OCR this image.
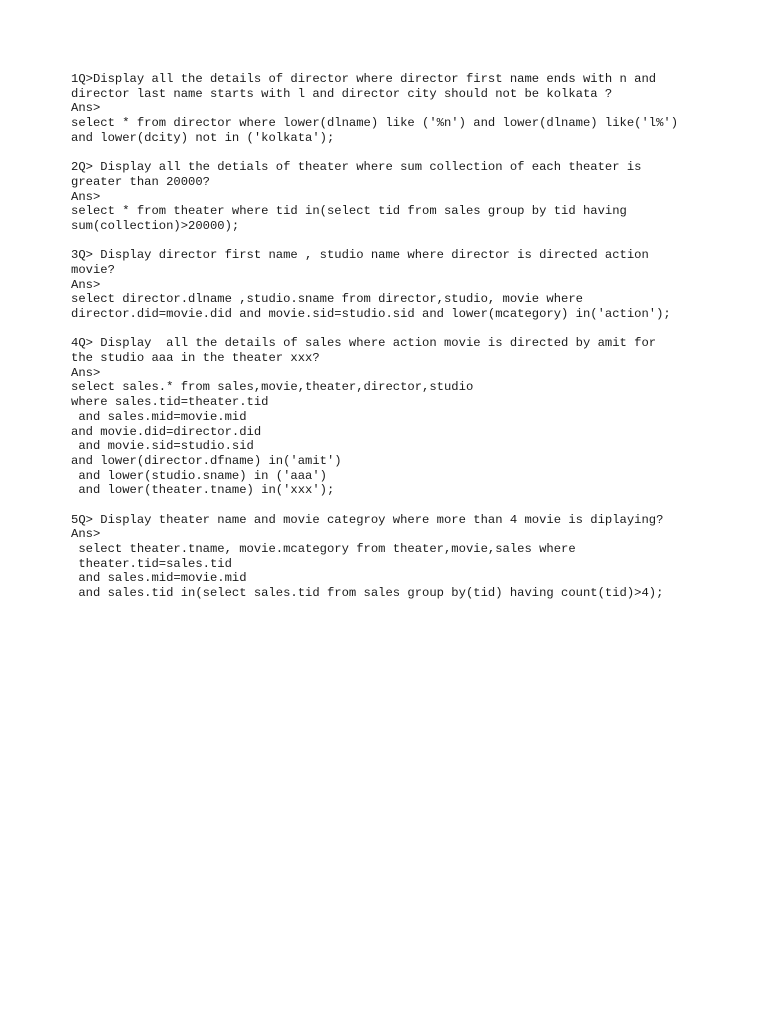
1Q>Display all the details of director where director first name ends with n and
director last name starts with l and director city should not be kolkata ?
Ans>
select * from director where lower(dlname) like ('%n') and lower(dlname) like('l%')
and lower(dcity) not in ('kolkata');
2Q> Display all the detials of theater where sum collection of each theater is
greater than 20000?
Ans>
select * from theater where tid in(select tid from sales group by tid having
sum(collection)>20000);
3Q> Display director first name , studio name where director is directed action
movie?
Ans>
select director.dlname ,studio.sname from director,studio, movie where
director.did=movie.did and movie.sid=studio.sid and lower(mcategory) in('action');
4Q> Display  all the details of sales where action movie is directed by amit for
the studio aaa in the theater xxx?
Ans>
select sales.* from sales,movie,theater,director,studio
where sales.tid=theater.tid
and sales.mid=movie.mid
and movie.did=director.did
and movie.sid=studio.sid
and lower(director.dfname) in('amit')
and lower(studio.sname) in ('aaa')
and lower(theater.tname) in('xxx');
5Q> Display theater name and movie categroy where more than 4 movie is diplaying?
Ans>
select theater.tname, movie.mcategory from theater,movie,sales where
theater.tid=sales.tid
and sales.mid=movie.mid
and sales.tid in(select sales.tid from sales group by(tid) having count(tid)>4);
